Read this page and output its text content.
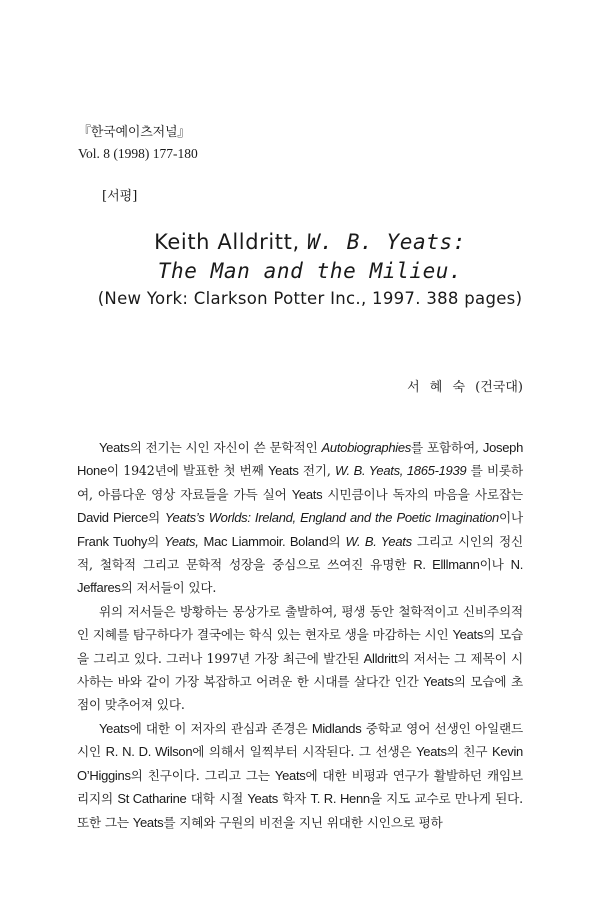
『한국예이츠저널』
Vol. 8 (1998) 177-180
[서평]
Keith Alldritt, W. B. Yeats:
The Man and the Milieu.
(New York: Clarkson Potter Inc., 1997. 388 pages)
서 혜 숙 (건국대)

Yeats의 전기는 시인 자신이 쓴 문학적인 Autobiographies를 포함하여, Joseph Hone이 1942년에 발표한 첫 번째 Yeats 전기, W. B. Yeats, 1865-1939 를 비롯하여, 아름다운 영상 자료들을 가득 실어 Yeats 시민큼이나 독자의 마음을 사로잡는 David Pierce의 Yeats’s Worlds: Ireland, England and the Poetic Imagination이나 Frank Tuohy의 Yeats, Mac Liammoir. Boland의 W. B. Yeats 그리고 시인의 정신적, 철학적 그리고 문학적 성장을 중심으로 쓰여진 유명한 R. Elllmann이나 N. Jeffares의 저서들이 있다.

위의 저서들은 방황하는 몽상가로 출발하여, 평생 동안 철학적이고 신비주의적인 지혜를 탐구하다가 결국에는 학식 있는 현자로 생을 마감하는 시인 Yeats의 모습을 그리고 있다. 그러나 1997년 가장 최근에 발간된 Alldritt의 저서는 그 제목이 시사하는 바와 같이 가장 복잡하고 어려운 한 시대를 살다간 인간 Yeats의 모습에 초점이 맞추어져 있다.

Yeats에 대한 이 저자의 관심과 존경은 Midlands 중학교 영어 선생인 아일랜드 시인 R. N. D. Wilson에 의해서 일찍부터 시작된다. 그 선생은 Yeats의 친구 Kevin O’Higgins의 친구이다. 그리고 그는 Yeats에 대한 비평과 연구가 활발하던 캐임브리지의 St Catharine 대학 시절 Yeats 학자 T. R. Henn을 지도 교수로 만나게 된다. 또한 그는 Yeats를 지혜와 구원의 비전을 지닌 위대한 시인으로 평하
